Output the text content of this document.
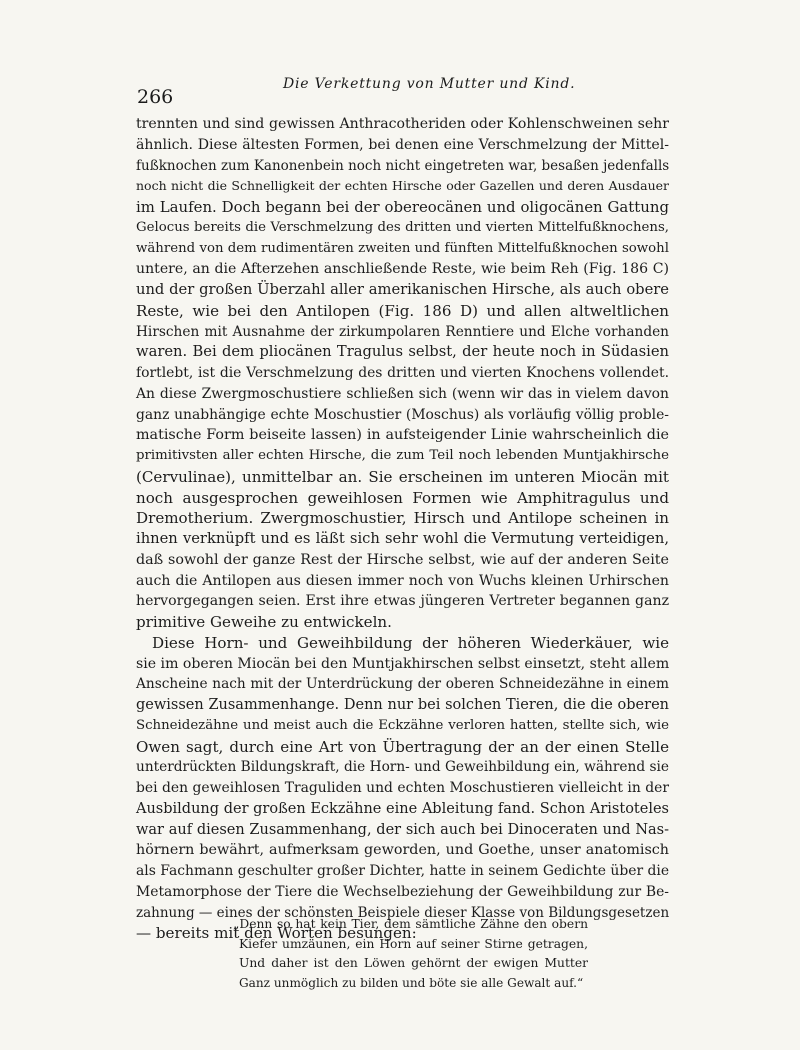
266
Die Verkettung von Mutter und Kind.
trennten und sind gewissen Anthracotheriden oder Kohlenschweinen sehr
ähnlich. Diese ältesten Formen, bei denen eine Verschmelzung der Mittel-
fußknochen zum Kanonenbein noch nicht eingetreten war, besaßen jedenfalls
noch nicht die Schnelligkeit der echten Hirsche oder Gazellen und deren Ausdauer
im Laufen. Doch begann bei der obereocänen und oligocänen Gattung
Gelocus bereits die Verschmelzung des dritten und vierten Mittelfußknochens,
während von dem rudimentären zweiten und fünften Mittelfußknochen sowohl
untere, an die Afterzehen anschließende Reste, wie beim Reh (Fig. 186 C)
und der großen Überzahl aller amerikanischen Hirsche, als auch obere
Reste, wie bei den Antilopen (Fig. 186 D) und allen altweltlichen
Hirschen mit Ausnahme der zirkumpolaren Renntiere und Elche vorhanden
waren. Bei dem pliocänen Tragulus selbst, der heute noch in Südasien
fortlebt, ist die Verschmelzung des dritten und vierten Knochens vollendet.
An diese Zwergmoschustiere schließen sich (wenn wir das in vielem davon
ganz unabhängige echte Moschustier (Moschus) als vorläufig völlig proble-
matische Form beiseite lassen) in aufsteigender Linie wahrscheinlich die
primitivsten aller echten Hirsche, die zum Teil noch lebenden Muntjakhirsche
(Cervulinae), unmittelbar an. Sie erscheinen im unteren Miocän mit
noch ausgesprochen geweihlosen Formen wie Amphitragulus und
Dremotherium. Zwergmoschustier, Hirsch und Antilope scheinen in
ihnen verknüpft und es läßt sich sehr wohl die Vermutung verteidigen,
daß sowohl der ganze Rest der Hirsche selbst, wie auf der anderen Seite
auch die Antilopen aus diesen immer noch von Wuchs kleinen Urhirschen
hervorgegangen seien. Erst ihre etwas jüngeren Vertreter begannen ganz
primitive Geweihe zu entwickeln.
Diese Horn- und Geweihbildung der höheren Wiederkäuer, wie
sie im oberen Miocän bei den Muntjakhirschen selbst einsetzt, steht allem
Anscheine nach mit der Unterdrückung der oberen Schneidezähne in einem
gewissen Zusammenhange. Denn nur bei solchen Tieren, die die oberen
Schneidezähne und meist auch die Eckzähne verloren hatten, stellte sich, wie
Owen sagt, durch eine Art von Übertragung der an der einen Stelle
unterdrückten Bildungskraft, die Horn- und Geweihbildung ein, während sie
bei den geweihlosen Traguliden und echten Moschustieren vielleicht in der
Ausbildung der großen Eckzähne eine Ableitung fand. Schon Aristoteles
war auf diesen Zusammenhang, der sich auch bei Dinoceraten und Nas-
hörnern bewährt, aufmerksam geworden, und Goethe, unser anatomisch
als Fachmann geschulter großer Dichter, hatte in seinem Gedichte über die
Metamorphose der Tiere die Wechselbeziehung der Geweihbildung zur Be-
zahnung — eines der schönsten Beispiele dieser Klasse von Bildungsgesetzen
— bereits mit den Worten besungen:
„Denn so hat kein Tier, dem sämtliche Zähne den obern
Kiefer umzäunen, ein Horn auf seiner Stirne getragen,
Und daher ist den Löwen gehörnt der ewigen Mutter
Ganz unmöglich zu bilden und böte sie alle Gewalt auf.“
